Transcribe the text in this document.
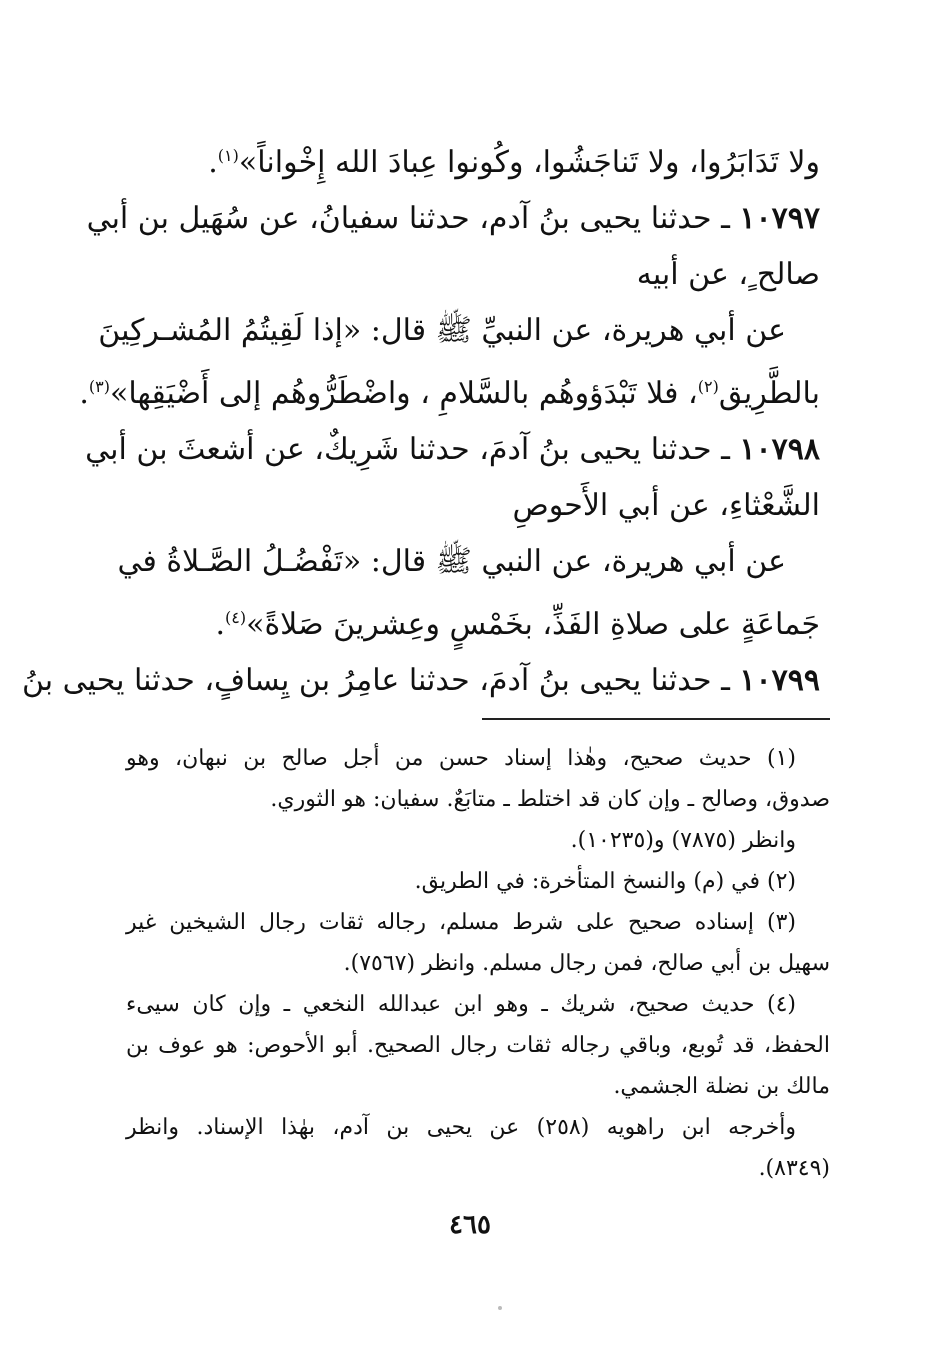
ولا تَدَابَرُوا، ولا تَناجَشُوا، وكُونوا عِبادَ الله إِخْواناً»$^{(١)}$.
١٠٧٩٧ ـ حدثنا يحيى بنُ آدم، حدثنا سفيانُ، عن سُهَيل بن أبي
صالح ٍ، عن أبيه
عن أبي هريرة، عن النبيِّ ﷺ قال: «إذا لَقِيتُمُ المُشـركِينَ
بالطَّرِيق$^{(٢)}$، فلا تَبْدَؤوهُم بالسَّلامِ ، واضْطَرُّوهُم إلى أَضْيَقِها»$^{(٣)}$.
١٠٧٩٨ ـ حدثنا يحيى بنُ آدمَ، حدثنا شَرِيكٌ، عن أشعثَ بن أبي
الشَّعْثاءِ، عن أبي الأَحوصِ
عن أبي هريرة، عن النبي ﷺ قال: «تَفْضُـلُ الصَّـلاةُ في
جَماعَةٍ على صلاةِ الفَذِّ، بخَمْسٍ وعِشرينَ صَلاةً»$^{(٤)}$.
١٠٧٩٩ ـ حدثنا يحيى بنُ آدمَ، حدثنا عامِرُ بن يِسافٍ، حدثنا يحيى بنُ
(١) حديث صحيح، وهٰذا إسناد حسن من أجل صالح بن نبهان، وهو
صدوق، وصالح ـ وإن كان قد اختلط ـ متابَعٌ. سفيان: هو الثوري.
وانظر (٧٨٧٥) و(١٠٢٣٥).
(٢) في (م) والنسخ المتأخرة: في الطريق.
(٣) إسناده صحيح على شرط مسلم، رجاله ثقات رجال الشيخين غير
سهيل بن أبي صالح، فمن رجال مسلم. وانظر (٧٥٦٧).
(٤) حديث صحيح، شريك ـ وهو ابن عبدالله النخعي ـ وإن كان سيىء
الحفظ، قد تُوبع، وباقي رجاله ثقات رجال الصحيح. أبو الأحوص: هو عوف بن
مالك بن نضلة الجشمي.
وأخرجه ابن راهويه (٢٥٨) عن يحيى بن آدم، بهٰذا الإسناد. وانظر
(٨٣٤٩).
٤٦٥
